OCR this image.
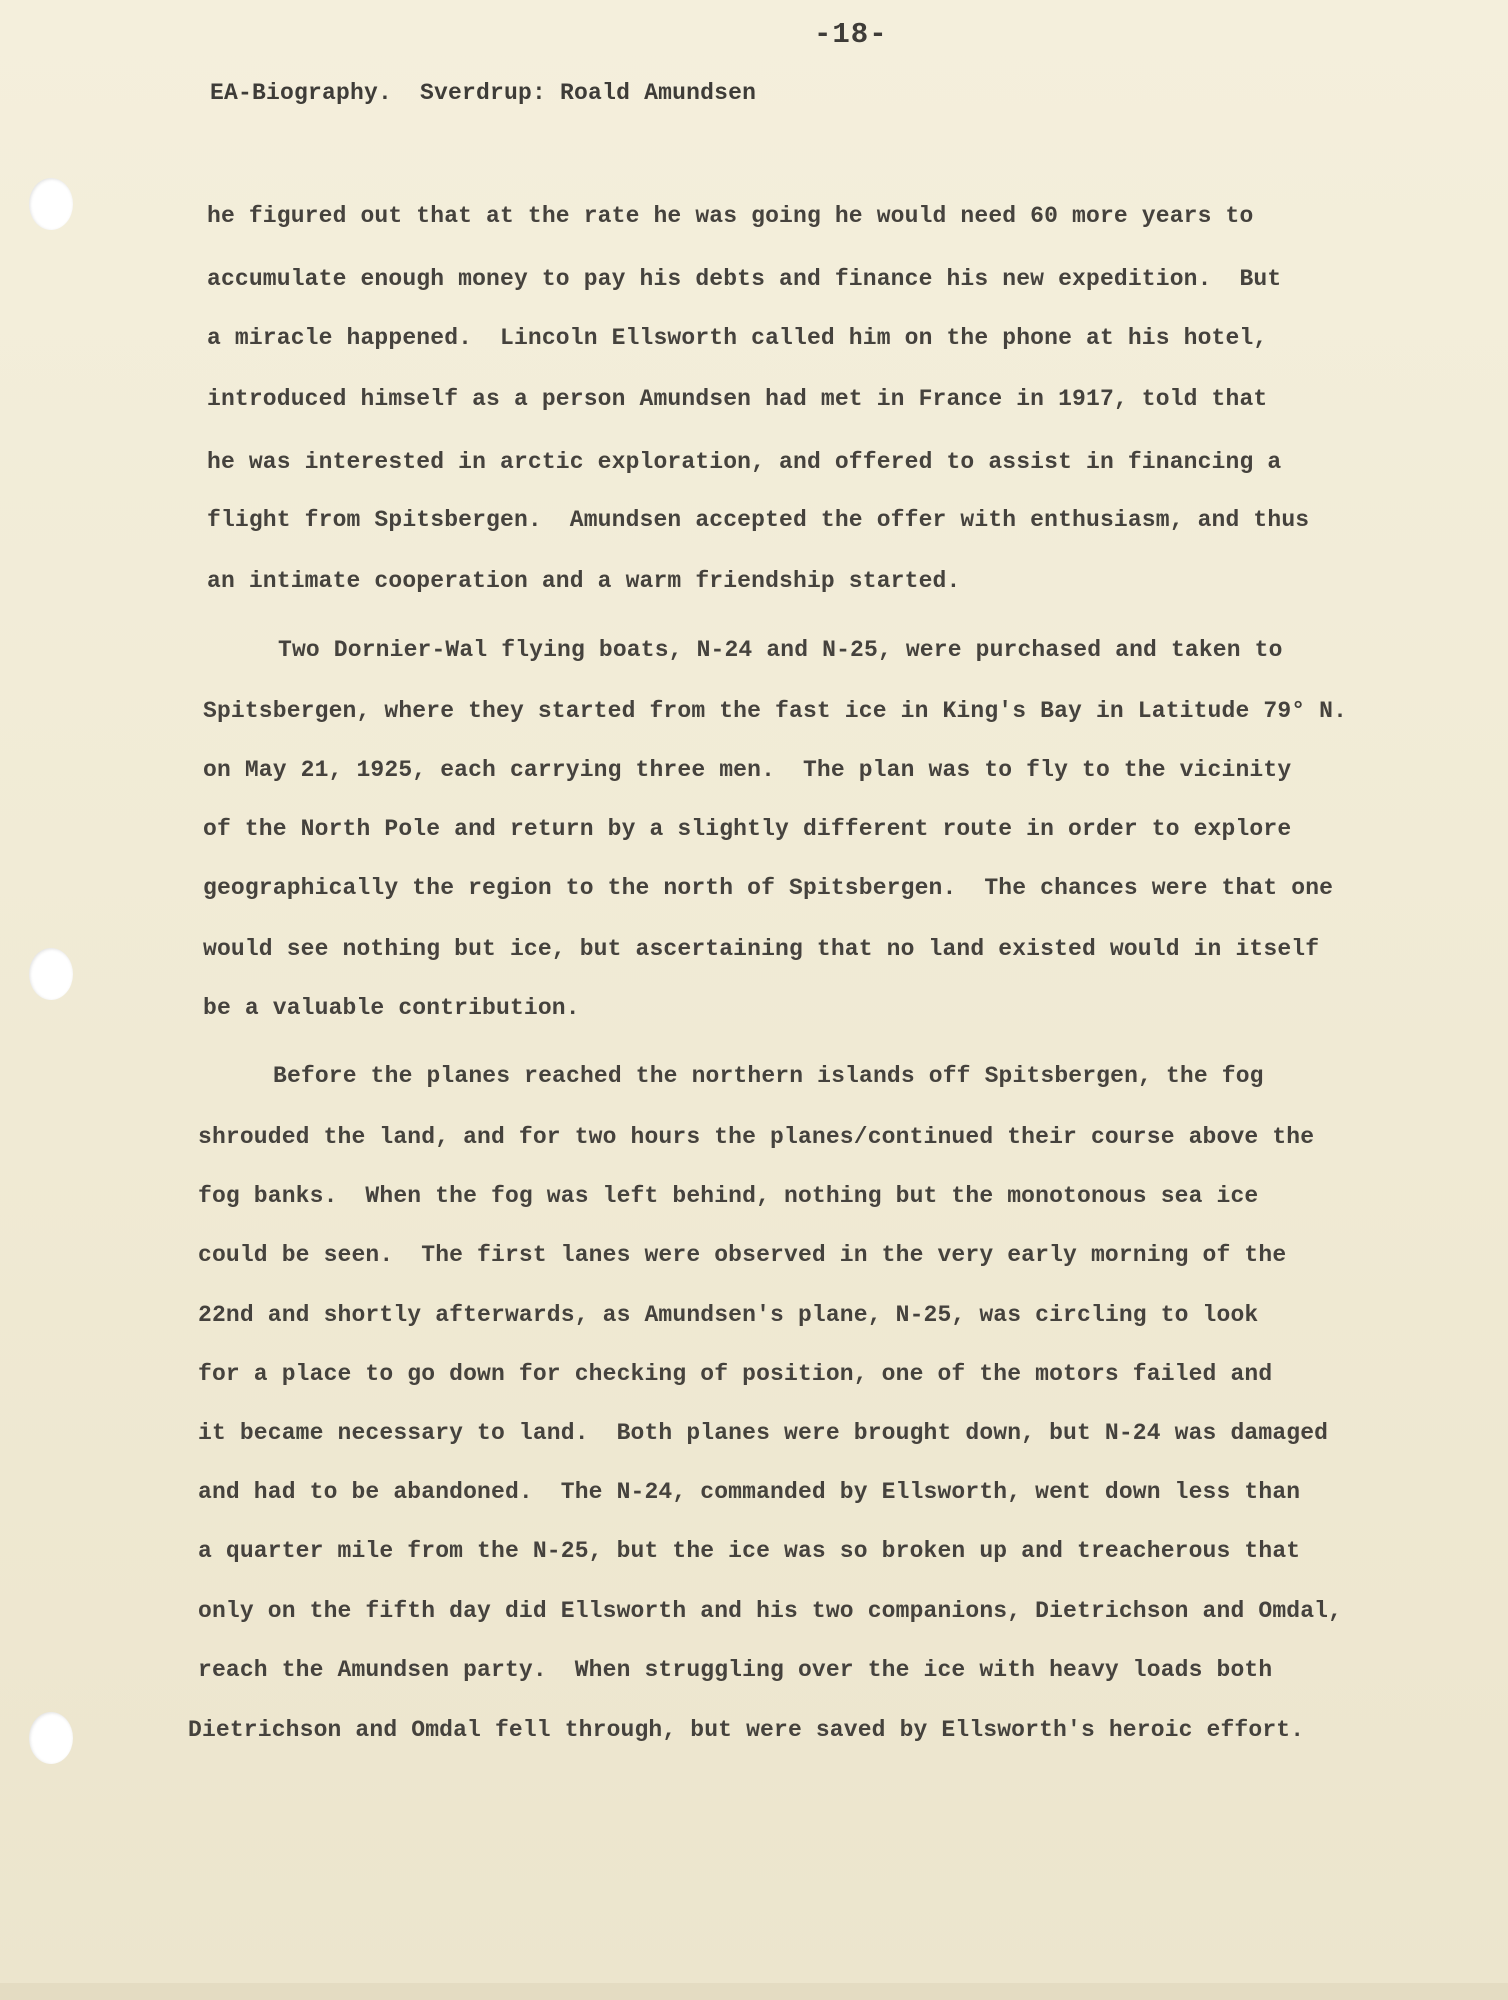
-18-
EA-Biography.  Sverdrup: Roald Amundsen
he figured out that at the rate he was going he would need 60 more years to
accumulate enough money to pay his debts and finance his new expedition.  But
a miracle happened.  Lincoln Ellsworth called him on the phone at his hotel,
introduced himself as a person Amundsen had met in France in 1917, told that
he was interested in arctic exploration, and offered to assist in financing a
flight from Spitsbergen.  Amundsen accepted the offer with enthusiasm, and thus
an intimate cooperation and a warm friendship started.
Two Dornier-Wal flying boats, N-24 and N-25, were purchased and taken to
Spitsbergen, where they started from the fast ice in King's Bay in Latitude 79° N.
on May 21, 1925, each carrying three men.  The plan was to fly to the vicinity
of the North Pole and return by a slightly different route in order to explore
geographically the region to the north of Spitsbergen.  The chances were that one
would see nothing but ice, but ascertaining that no land existed would in itself
be a valuable contribution.
Before the planes reached the northern islands off Spitsbergen, the fog
shrouded the land, and for two hours the planes/continued their course above the
fog banks.  When the fog was left behind, nothing but the monotonous sea ice
could be seen.  The first lanes were observed in the very early morning of the
22nd and shortly afterwards, as Amundsen's plane, N-25, was circling to look
for a place to go down for checking of position, one of the motors failed and
it became necessary to land.  Both planes were brought down, but N-24 was damaged
and had to be abandoned.  The N-24, commanded by Ellsworth, went down less than
a quarter mile from the N-25, but the ice was so broken up and treacherous that
only on the fifth day did Ellsworth and his two companions, Dietrichson and Omdal,
reach the Amundsen party.  When struggling over the ice with heavy loads both
Dietrichson and Omdal fell through, but were saved by Ellsworth's heroic effort.
